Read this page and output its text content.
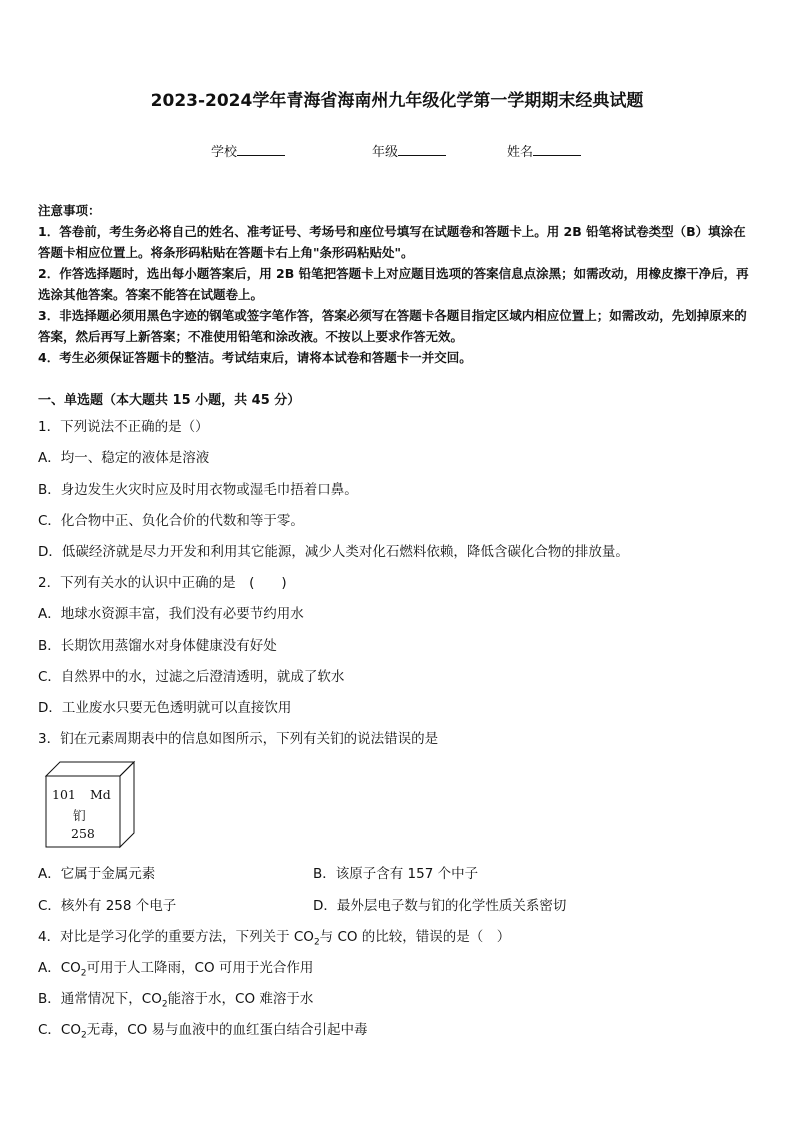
2023-2024学年青海省海南州九年级化学第一学期期末经典试题
学校	年级	姓名
注意事项：
1．答卷前，考生务必将自己的姓名、准考证号、考场号和座位号填写在试题卷和答题卡上。用 2B 铅笔将试卷类型（B）填涂在答题卡相应位置上。将条形码粘贴在答题卡右上角"条形码粘贴处"。
2．作答选择题时，选出每小题答案后，用 2B 铅笔把答题卡上对应题目选项的答案信息点涂黑；如需改动，用橡皮擦干净后，再选涂其他答案。答案不能答在试题卷上。
3．非选择题必须用黑色字迹的钢笔或签字笔作答，答案必须写在答题卡各题目指定区域内相应位置上；如需改动，先划掉原来的答案，然后再写上新答案；不准使用铅笔和涂改液。不按以上要求作答无效。
4．考生必须保证答题卡的整洁。考试结束后，请将本试卷和答题卡一并交回。
一、单选题（本大题共 15 小题，共 45 分）
1．下列说法不正确的是（）
A．均一、稳定的液体是溶液
B．身边发生火灾时应及时用衣物或湿毛巾捂着口鼻。
C．化合物中正、负化合价的代数和等于零。
D．低碳经济就是尽力开发和利用其它能源，减少人类对化石燃料依赖，降低含碳化合物的排放量。
2．下列有关水的认识中正确的是　(　　)
A．地球水资源丰富，我们没有必要节约用水
B．长期饮用蒸馏水对身体健康没有好处
C．自然界中的水，过滤之后澄清透明，就成了软水
D．工业废水只要无色透明就可以直接饮用
3．钔在元素周期表中的信息如图所示，下列有关钔的说法错误的是
101 Md
钔
258
A．它属于金属元素	B．该原子含有 157 个中子
C．核外有 258 个电子	D．最外层电子数与钔的化学性质关系密切
4．对比是学习化学的重要方法，下列关于 $CO_2$与 CO 的比较，错误的是（　）
A．$CO_2$可用于人工降雨，CO 可用于光合作用
B．通常情况下，$CO_2$能溶于水，CO 难溶于水
C．$CO_2$无毒，CO 易与血液中的血红蛋白结合引起中毒
